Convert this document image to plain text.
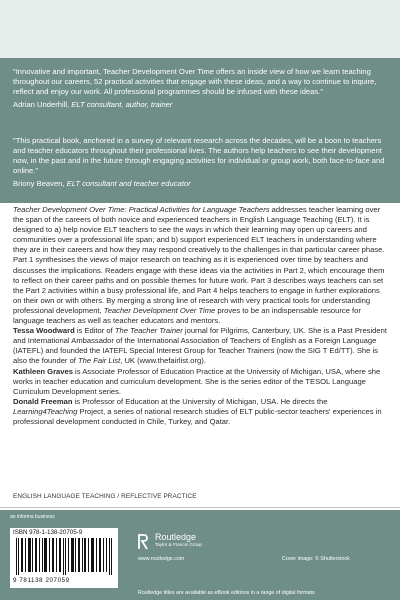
"Innovative and important, Teacher Development Over Time offers an inside view of how we learn teaching throughout our careers, 52 practical activities that engage with these ideas, and a way to continue to inquire, reflect and enjoy our work. All professional programmes should be infused with these ideas."
Adrian Underhill, ELT consultant, author, trainer
"This practical book, anchored in a survey of relevant research across the decades, will be a boon to teachers and teacher educators throughout their professional lives. The authors help teachers to see their development now, in the past and in the future through engaging activities for individual or group work, both face-to-face and online."
Briony Beaven, ELT consultant and teacher educator

Teacher Development Over Time: Practical Activities for Language Teachers addresses teacher learning over the span of the careers of both novice and experienced teachers in English Language Teaching (ELT). It is designed to a) help novice ELT teachers to see the ways in which their learning may open up careers and communities over a professional life span; and b) support experienced ELT teachers in understanding where they are in their careers and how they may respond creatively to the challenges in that particular career phase. Part 1 synthesises the views of major research on teaching as it is experienced over time by teachers and discusses the implications. Readers engage with these ideas via the activities in Part 2, which encourage them to reflect on their career paths and on possible themes for future work. Part 3 describes ways teachers can set the Part 2 activities within a busy professional life, and Part 4 helps teachers to engage in further explorations on their own or with others. By merging a strong line of research with very practical tools for understanding professional development, Teacher Development Over Time proves to be an indispensable resource for language teachers as well as teacher educators and mentors.

Tessa Woodward is Editor of The Teacher Trainer journal for Pilgrims, Canterbury, UK. She is a Past President and International Ambassador of the International Association of Teachers of English as a Foreign Language (IATEFL) and founded the IATEFL Special Interest Group for Teacher Trainers (now the SIG T Ed/TT). She is also the founder of The Fair List, UK (www.thefairlist.org).

Kathleen Graves is Associate Professor of Education Practice at the University of Michigan, USA, where she works in teacher education and curriculum development. She is the series editor of the TESOL Language Curriculum Development series.

Donald Freeman is Professor of Education at the University of Michigan, USA. He directs the Learning4Teaching Project, a series of national research studies of ELT public-sector teachers' experiences in professional development conducted in Chile, Turkey, and Qatar.

ENGLISH LANGUAGE TEACHING / REFLECTIVE PRACTICE
an informa business
ISBN 978-1-138-20705-9
9 781138 207059
Routledge
Taylor & Francis Group
www.routledge.com	Cover image: © Shutterstock
Routledge titles are available as eBook editions in a range of digital formats
